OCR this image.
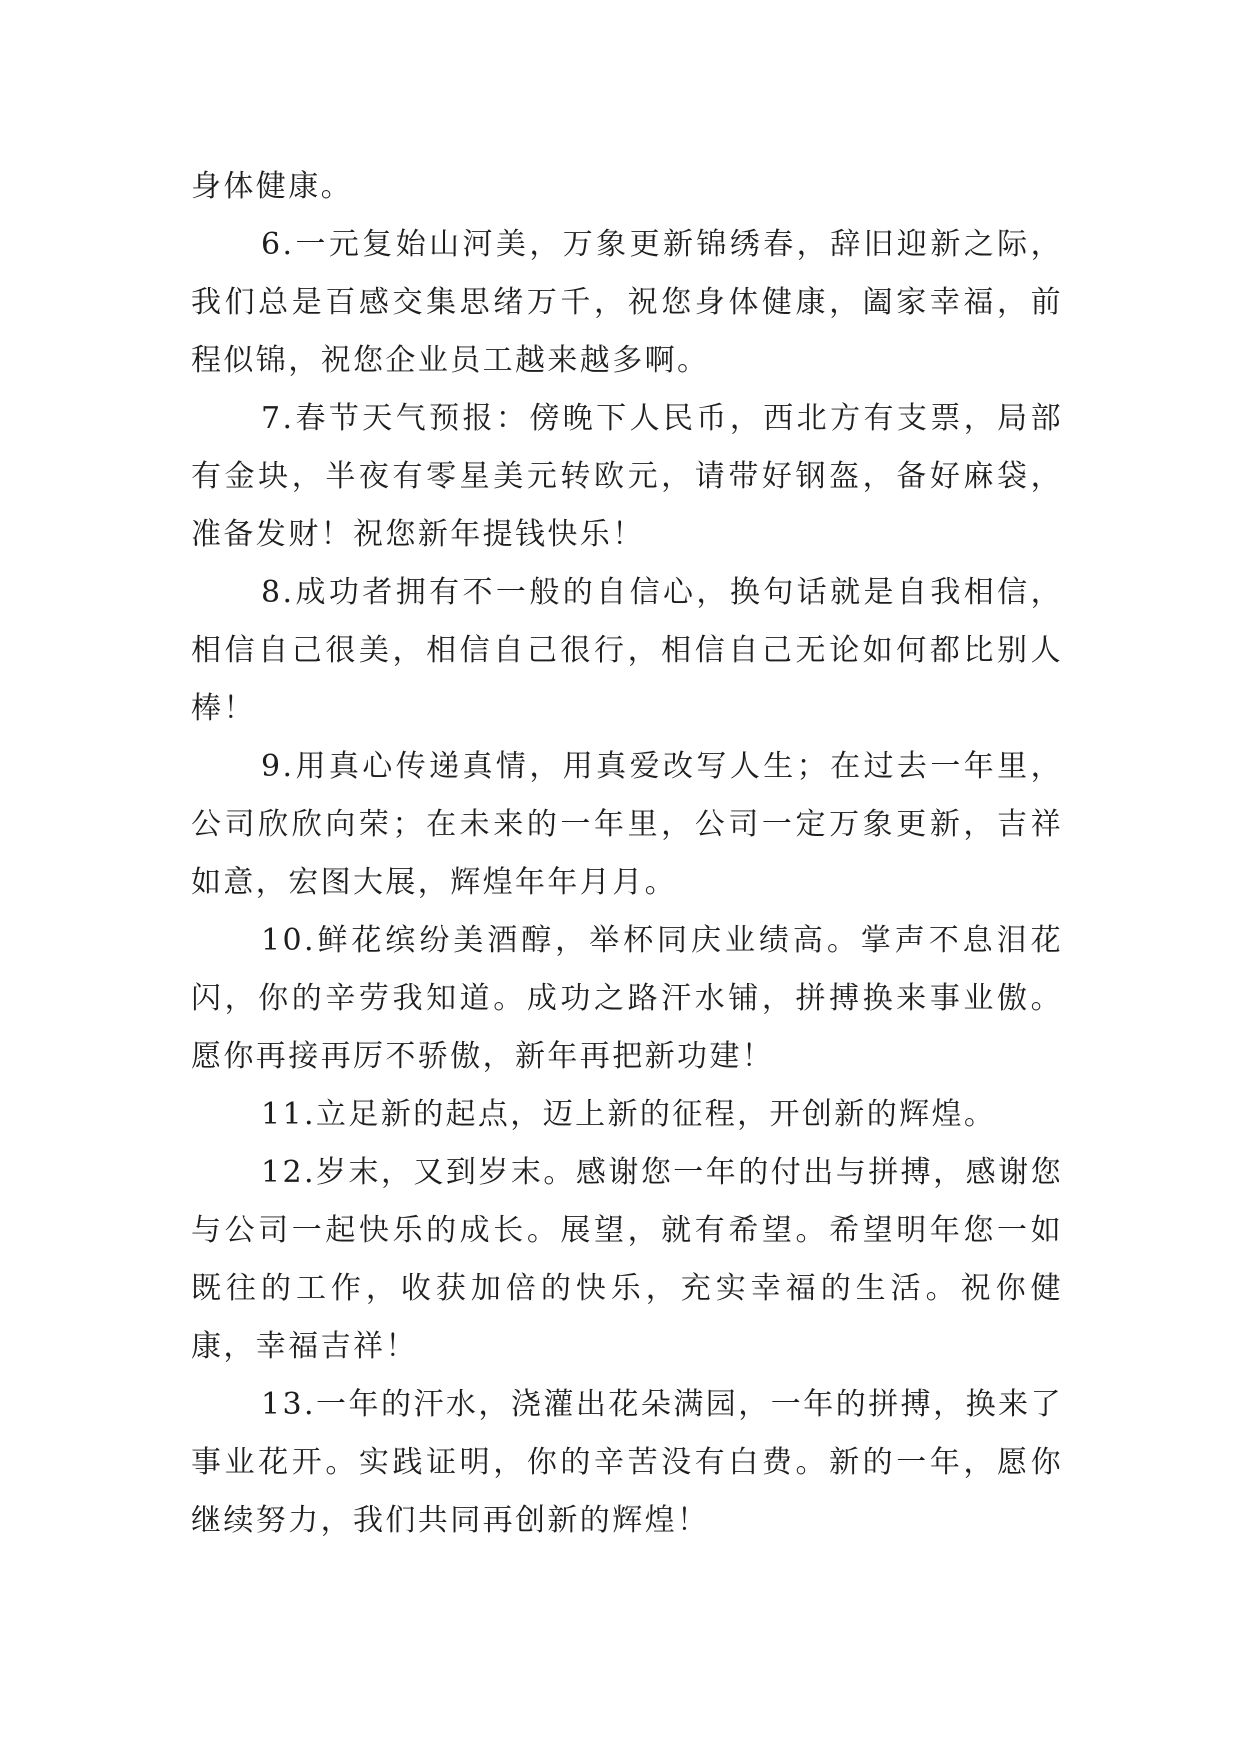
身体健康。

6.一元复始山河美，万象更新锦绣春，辞旧迎新之际，我们总是百感交集思绪万千，祝您身体健康，阖家幸福，前程似锦，祝您企业员工越来越多啊。

7.春节天气预报：傍晚下人民币，西北方有支票，局部有金块，半夜有零星美元转欧元，请带好钢盔，备好麻袋，准备发财！祝您新年提钱快乐！

8.成功者拥有不一般的自信心，换句话就是自我相信，相信自己很美，相信自己很行，相信自己无论如何都比别人棒！

9.用真心传递真情，用真爱改写人生；在过去一年里，公司欣欣向荣；在未来的一年里，公司一定万象更新，吉祥如意，宏图大展，辉煌年年月月。

10.鲜花缤纷美酒醇，举杯同庆业绩高。掌声不息泪花闪，你的辛劳我知道。成功之路汗水铺，拼搏换来事业傲。愿你再接再厉不骄傲，新年再把新功建！

11.立足新的起点，迈上新的征程，开创新的辉煌。

12.岁末，又到岁末。感谢您一年的付出与拼搏，感谢您与公司一起快乐的成长。展望，就有希望。希望明年您一如既往的工作，收获加倍的快乐，充实幸福的生活。祝你健康，幸福吉祥！

13.一年的汗水，浇灌出花朵满园，一年的拼搏，换来了事业花开。实践证明，你的辛苦没有白费。新的一年，愿你继续努力，我们共同再创新的辉煌！
